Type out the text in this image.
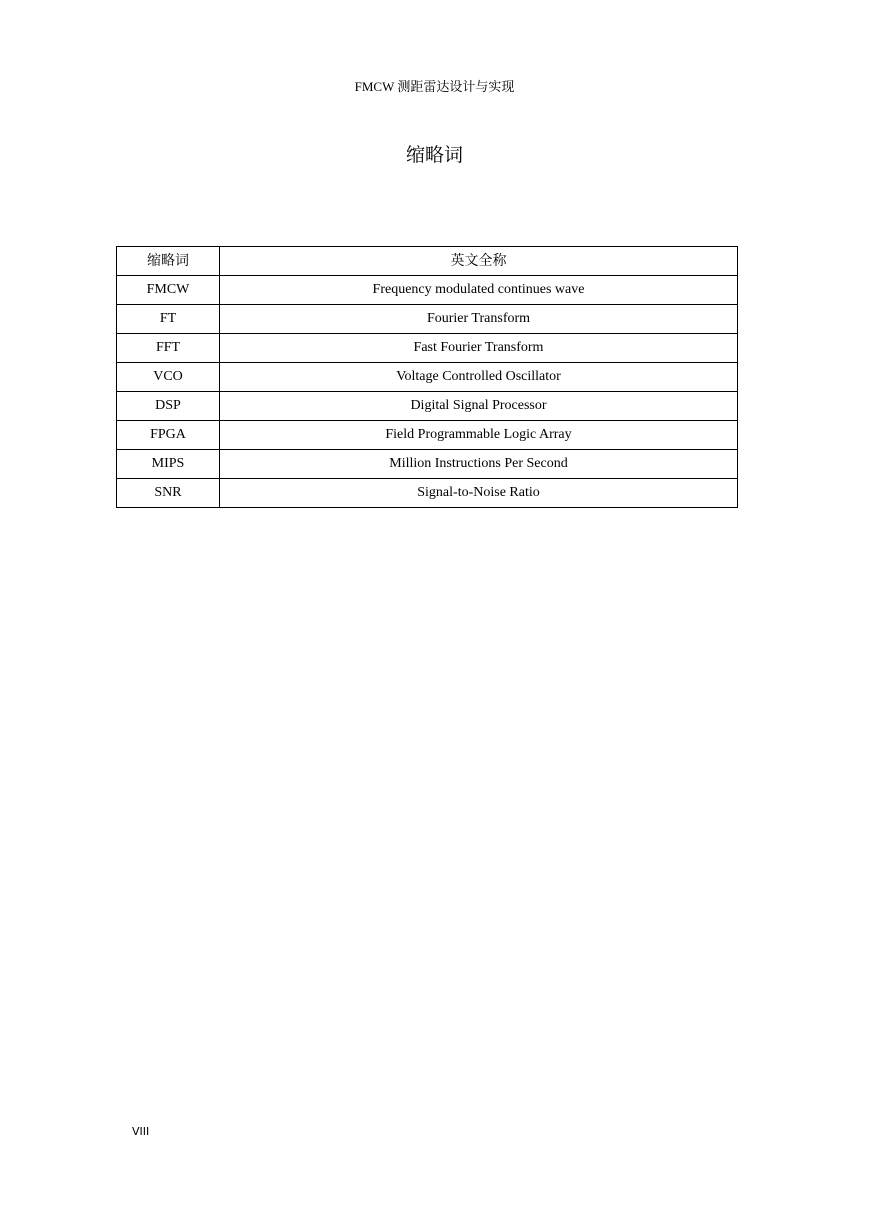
FMCW 测距雷达设计与实现
缩略词
缩略词	英文全称
FMCW	Frequency modulated continues wave
FT	Fourier Transform
FFT	Fast Fourier Transform
VCO	Voltage Controlled Oscillator
DSP	Digital Signal Processor
FPGA	Field Programmable Logic Array
MIPS	Million Instructions Per Second
SNR	Signal-to-Noise Ratio
VIII
